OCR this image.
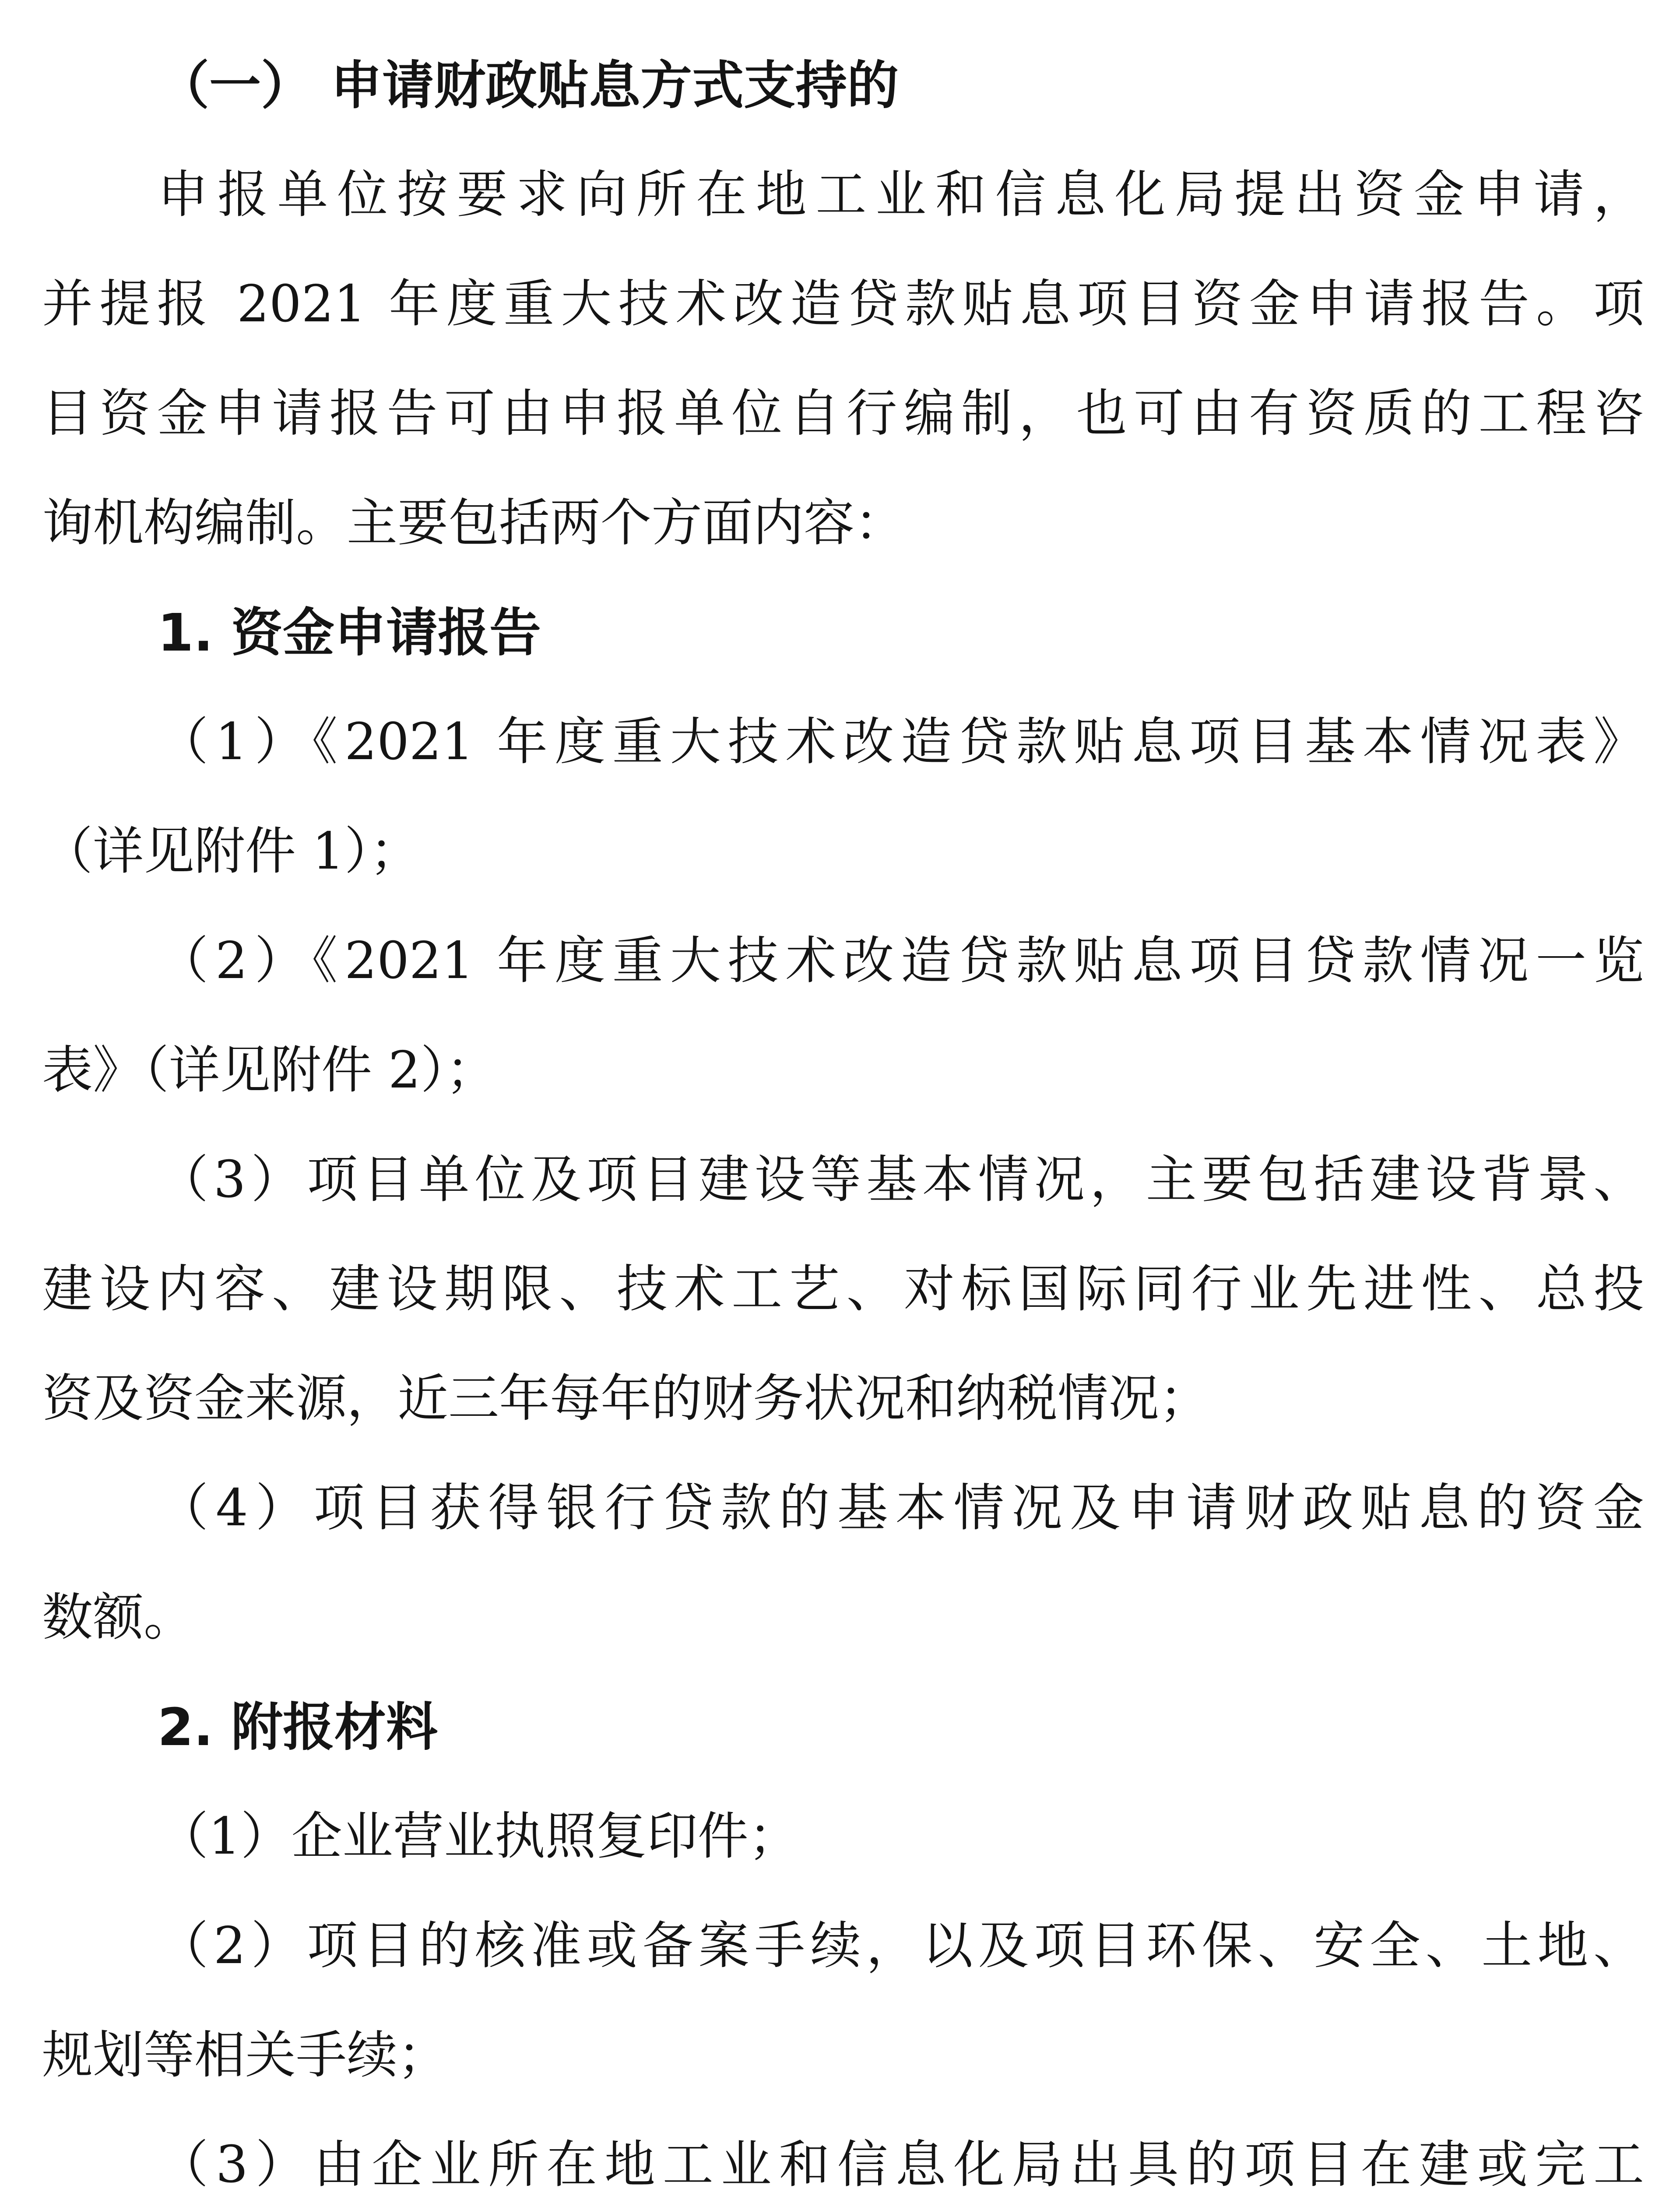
（一） 申请财政贴息方式支持的
申报单位按要求向所在地工业和信息化局提出资金申请，
并提报 2021 年度重大技术改造贷款贴息项目资金申请报告。项
目资金申请报告可由申报单位自行编制，也可由有资质的工程咨
询机构编制。主要包括两个方面内容：
1. 资金申请报告
（1）《2021 年度重大技术改造贷款贴息项目基本情况表》
（详见附件 1）；
（2）《2021 年度重大技术改造贷款贴息项目贷款情况一览
表》（详见附件 2）；
（3）项目单位及项目建设等基本情况，主要包括建设背景、
建设内容、建设期限、技术工艺、对标国际同行业先进性、总投
资及资金来源，近三年每年的财务状况和纳税情况；
（4）项目获得银行贷款的基本情况及申请财政贴息的资金
数额。
2. 附报材料
（1）企业营业执照复印件；
（2）项目的核准或备案手续，以及项目环保、安全、土地、
规划等相关手续；
（3）由企业所在地工业和信息化局出具的项目在建或完工
